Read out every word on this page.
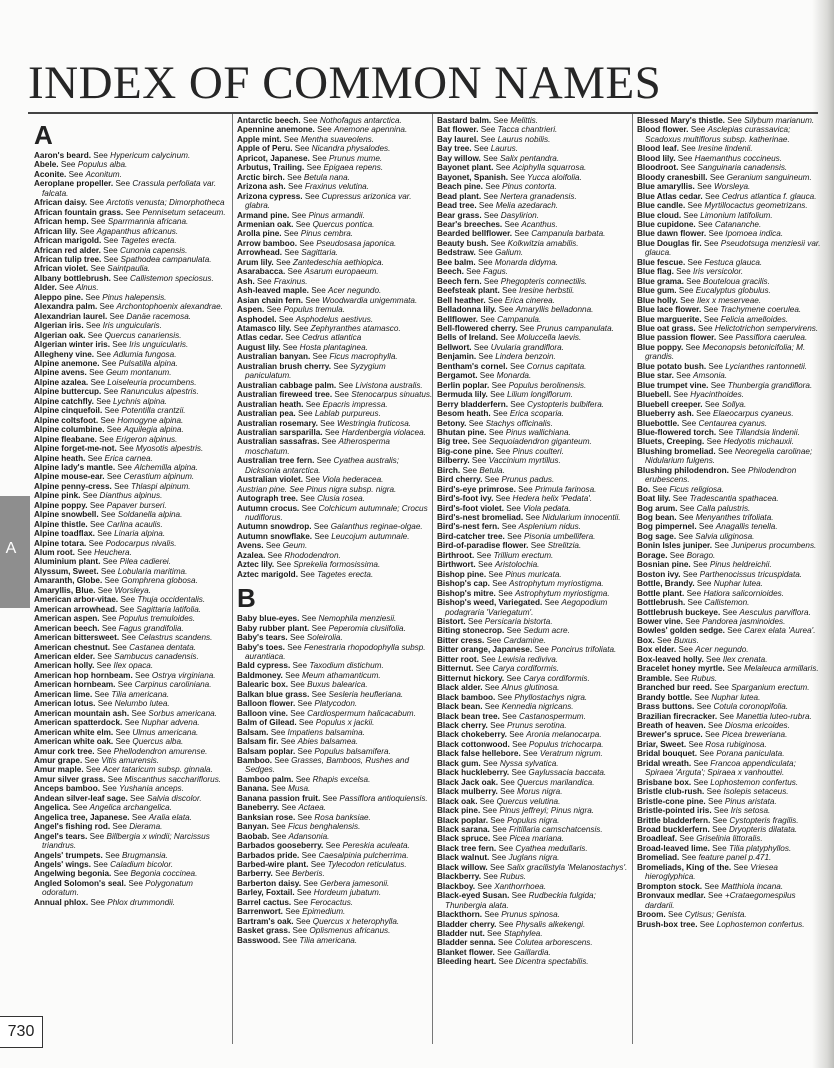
INDEX OF COMMON NAMES
A

Aaron's beard. See Hypericum calycinum.

Abele. See Populus alba.

Aconite. See Aconitum.

Aeroplane propeller. See Crassula perfoliata var. falcata.

African daisy. See Arctotis venusta; Dimorphotheca

African fountain grass. See Pennisetum setaceum.

African hemp. See Sparrmannia africana.

African lily. See Agapanthus africanus.

African marigold. See Tagetes erecta.

African red alder. See Cunonia capensis.

African tulip tree. See Spathodea campanulata.

African violet. See Saintpaulia.

Albany bottlebrush. See Callistemon speciosus.

Alder. See Alnus.

Aleppo pine. See Pinus halepensis.

Alexandra palm. See Archontophoenix alexandrae.

Alexandrian laurel. See Danäe racemosa.

Algerian iris. See Iris unguicularis.

Algerian oak. See Quercus canariensis.

Algerian winter iris. See Iris unguicularis.

Allegheny vine. See Adlumia fungosa.

Alpine anemone. See Pulsatilla alpina.

Alpine avens. See Geum montanum.

Alpine azalea. See Loiseleuria procumbens.

Alpine buttercup. See Ranunculus alpestris.

Alpine catchfly. See Lychnis alpina.

Alpine cinquefoil. See Potentilla crantzii.

Alpine coltsfoot. See Homogyne alpina.

Alpine columbine. See Aquilegia alpina.

Alpine fleabane. See Erigeron alpinus.

Alpine forget-me-not. See Myosotis alpestris.

Alpine heath. See Erica carnea.

Alpine lady's mantle. See Alchemilla alpina.

Alpine mouse-ear. See Cerastium alpinum.

Alpine penny-cress. See Thlaspi alpinum.

Alpine pink. See Dianthus alpinus.

Alpine poppy. See Papaver burseri.

Alpine snowbell. See Soldanella alpina.

Alpine thistle. See Carlina acaulis.

Alpine toadflax. See Linaria alpina.

Alpine totara. See Podocarpus nivalis.

Alum root. See Heuchera.

Aluminium plant. See Pilea cadierei.

Alyssum, Sweet. See Lobularia maritima.

Amaranth, Globe. See Gomphrena globosa.

Amaryllis, Blue. See Worsleya.

American arbor-vitae. See Thuja occidentalis.

American arrowhead. See Sagittaria latifolia.

American aspen. See Populus tremuloides.

American beech. See Fagus grandifolia.

American bittersweet. See Celastrus scandens.

American chestnut. See Castanea dentata.

American elder. See Sambucus canadensis.

American holly. See Ilex opaca.

American hop hornbeam. See Ostrya virginiana.

American hornbeam. See Carpinus caroliniana.

American lime. See Tilia americana.

American lotus. See Nelumbo lutea.

American mountain ash. See Sorbus americana.

American spatterdock. See Nuphar advena.

American white elm. See Ulmus americana.

American white oak. See Quercus alba.

Amur cork tree. See Phellodendron amurense.

Amur grape. See Vitis amurensis.

Amur maple. See Acer tataricum subsp. ginnala.

Amur silver grass. See Miscanthus sacchariflorus.

Anceps bamboo. See Yushania anceps.

Andean silver-leaf sage. See Salvia discolor.

Angelica. See Angelica archangelica.

Angelica tree, Japanese. See Aralia elata.

Angel's fishing rod. See Dierama.

Angel's tears. See Billbergia x windii; Narcissus triandrus.

Angels' trumpets. See Brugmansia.

Angels' wings. See Caladium bicolor.

Angelwing begonia. See Begonia coccinea.

Angled Solomon's seal. See Polygonatum odoratum.

Annual phlox. See Phlox drummondii.

Antarctic beech. See Nothofagus antarctica.

Apennine anemone. See Anemone apennina.

Apple mint. See Mentha suaveolens.

Apple of Peru. See Nicandra physalodes.

Apricot, Japanese. See Prunus mume.

Arbutus, Trailing. See Epigaea repens.

Arctic birch. See Betula nana.

Arizona ash. See Fraxinus velutina.

Arizona cypress. See Cupressus arizonica var. glabra.

Armand pine. See Pinus armandii.

Armenian oak. See Quercus pontica.

Arolla pine. See Pinus cembra.

Arrow bamboo. See Pseudosasa japonica.

Arrowhead. See Sagittaria.

Arum lily. See Zantedeschia aethiopica.

Asarabacca. See Asarum europaeum.

Ash. See Fraxinus.

Ash-leaved maple. See Acer negundo.

Asian chain fern. See Woodwardia unigemmata.

Aspen. See Populus tremula.

Asphodel. See Asphodelus aestivus.

Atamasco lily. See Zephyranthes atamasco.

Atlas cedar. See Cedrus atlantica

August lily. See Hosta plantaginea.

Australian banyan. See Ficus macrophylla.

Australian brush cherry. See Syzygium paniculatum.

Australian cabbage palm. See Livistona australis.

Australian fireweed tree. See Stenocarpus sinuatus.

Australian heath. See Epacris impressa.

Australian pea. See Lablab purpureus.

Australian rosemary. See Westringia fruticosa.

Australian sarsparilla. See Hardenbergia violacea.

Australian sassafras. See Atherosperma moschatum.

Australian tree fern. See Cyathea australis; Dicksonia antarctica.

Australian violet. See Viola hederacea.

Austrian pine. See Pinus nigra subsp. nigra.

Autograph tree. See Clusia rosea.

Autumn crocus. See Colchicum autumnale; Crocus nudiflorus.

Autumn snowdrop. See Galanthus reginae-olgae.

Autumn snowflake. See Leucojum autumnale.

Avens. See Geum.

Azalea. See Rhododendron.

Aztec lily. See Sprekelia formosissima.

Aztec marigold. See Tagetes erecta.

B

Baby blue-eyes. See Nemophila menziesii.

Baby rubber plant. See Peperomia clusiifolia.

Baby's tears. See Soleirolia.

Baby's toes. See Fenestraria rhopodophylla subsp. aurantiaca.

Bald cypress. See Taxodium distichum.

Baldmoney. See Meum athamanticum.

Balearic box. See Buxus balearica.

Balkan blue grass. See Sesleria heufleriana.

Balloon flower. See Platycodon.

Balloon vine. See Cardiospermum halicacabum.

Balm of Gilead. See Populus x jackii.

Balsam. See Impatiens balsamina.

Balsam fir. See Abies balsamea.

Balsam poplar. See Populus balsamifera.

Bamboo. See Grasses, Bamboos, Rushes and Sedges.

Bamboo palm. See Rhapis excelsa.

Banana. See Musa.

Banana passion fruit. See Passiflora antioquiensis.

Baneberry. See Actaea.

Banksian rose. See Rosa banksiae.

Banyan. See Ficus benghalensis.

Baobab. See Adansonia.

Barbados gooseberry. See Pereskia aculeata.

Barbados pride. See Caesalpinia pulcherrima.

Barbed-wire plant. See Tylecodon reticulatus.

Barberry. See Berberis.

Barberton daisy. See Gerbera jamesonii.

Barley, Foxtail. See Hordeum jubatum.

Barrel cactus. See Ferocactus.

Barrenwort. See Epimedium.

Bartram's oak. See Quercus x heterophylla.

Basket grass. See Oplismenus africanus.

Basswood. See Tilia americana.

Bastard balm. See Melittis.

Bat flower. See Tacca chantrieri.

Bay laurel. See Laurus nobilis.

Bay tree. See Laurus.

Bay willow. See Salix pentandra.

Bayonet plant. See Aciphylla squarrosa.

Bayonet, Spanish. See Yucca aloifolia.

Beach pine. See Pinus contorta.

Bead plant. See Nertera granadensis.

Bead tree. See Melia azedarach.

Bear grass. See Dasylirion.

Bear's breeches. See Acanthus.

Bearded bellflower. See Campanula barbata.

Beauty bush. See Kolkwitzia amabilis.

Bedstraw. See Galium.

Bee balm. See Monarda didyma.

Beech. See Fagus.

Beech fern. See Phegopteris connectilis.

Beefsteak plant. See Iresine herbstii.

Bell heather. See Erica cinerea.

Belladonna lily. See Amaryllis belladonna.

Bellflower. See Campanula.

Bell-flowered cherry. See Prunus campanulata.

Bells of Ireland. See Moluccella laevis.

Bellwort. See Uvularia grandiflora.

Benjamin. See Lindera benzoin.

Bentham's cornel. See Cornus capitata.

Bergamot. See Monarda.

Berlin poplar. See Populus berolinensis.

Bermuda lily. See Lilium longiflorum.

Berry bladderfern. See Cystopteris bulbifera.

Besom heath. See Erica scoparia.

Betony. See Stachys officinalis.

Bhutan pine. See Pinus wallichiana.

Big tree. See Sequoiadendron giganteum.

Big-cone pine. See Pinus coulteri.

Bilberry. See Vaccinium myrtillus.

Birch. See Betula.

Bird cherry. See Prunus padus.

Bird's-eye primrose. See Primula farinosa.

Bird's-foot ivy. See Hedera helix 'Pedata'.

Bird's-foot violet. See Viola pedata.

Bird's-nest bromeliad. See Nidularium innocentii.

Bird's-nest fern. See Asplenium nidus.

Bird-catcher tree. See Pisonia umbellifera.

Bird-of-paradise flower. See Strelitzia.

Birthroot. See Trillium erectum.

Birthwort. See Aristolochia.

Bishop pine. See Pinus muricata.

Bishop's cap. See Astrophytum myriostigma.

Bishop's mitre. See Astrophytum myriostigma.

Bishop's weed, Variegated. See Aegopodium podagraria 'Variegatum'.

Bistort. See Persicaria bistorta.

Biting stonecrop. See Sedum acre.

Bitter cress. See Cardamine.

Bitter orange, Japanese. See Poncirus trifoliata.

Bitter root. See Lewisia rediviva.

Bitternut. See Carya cordiformis.

Bitternut hickory. See Carya cordiformis.

Black alder. See Alnus glutinosa.

Black bamboo. See Phyllostachys nigra.

Black bean. See Kennedia nigricans.

Black bean tree. See Castanospermum.

Black cherry. See Prunus serotina.

Black chokeberry. See Aronia melanocarpa.

Black cottonwood. See Populus trichocarpa.

Black false hellebore. See Veratrum nigrum.

Black gum. See Nyssa sylvatica.

Black huckleberry. See Gaylussacia baccata.

Black Jack oak. See Quercus marilandica.

Black mulberry. See Morus nigra.

Black oak. See Quercus velutina.

Black pine. See Pinus jeffreyi; Pinus nigra.

Black poplar. See Populus nigra.

Black sarana. See Fritillaria camschatcensis.

Black spruce. See Picea mariana.

Black tree fern. See Cyathea medullaris.

Black walnut. See Juglans nigra.

Black willow. See Salix gracilistyla 'Melanostachys'.

Blackberry. See Rubus.

Blackboy. See Xanthorrhoea.

Black-eyed Susan. See Rudbeckia fulgida; Thunbergia alata.

Blackthorn. See Prunus spinosa.

Bladder cherry. See Physalis alkekengi.

Bladder nut. See Staphylea.

Bladder senna. See Colutea arborescens.

Blanket flower. See Gaillardia.

Bleeding heart. See Dicentra spectabilis.

Blessed Mary's thistle. See Silybum marianum.

Blood flower. See Asclepias curassavica; Scadoxus multiflorus subsp. katherinae.

Blood leaf. See Iresine lindenii.

Blood lily. See Haemanthus coccineus.

Bloodroot. See Sanguinaria canadensis.

Bloody cranesbill. See Geranium sanguineum.

Blue amaryllis. See Worsleya.

Blue Atlas cedar. See Cedrus atlantica f. glauca.

Blue candle. See Myrtillocactus geometrizans.

Blue cloud. See Limonium latifolium.

Blue cupidone. See Catananche.

Blue dawn flower. See Ipomoea indica.

Blue Douglas fir. See Pseudotsuga menziesii var. glauca.

Blue fescue. See Festuca glauca.

Blue flag. See Iris versicolor.

Blue grama. See Bouteloua gracilis.

Blue gum. See Eucalyptus globulus.

Blue holly. See Ilex x meserveae.

Blue lace flower. See Trachymene coerulea.

Blue marguerite. See Felicia amelloides.

Blue oat grass. See Helictotrichon sempervirens.

Blue passion flower. See Passiflora caerulea.

Blue poppy. See Meconopsis betonicifolia; M. grandis.

Blue potato bush. See Lycianthes rantonnetii.

Blue star. See Amsonia.

Blue trumpet vine. See Thunbergia grandiflora.

Bluebell. See Hyacinthoides.

Bluebell creeper. See Sollya.

Blueberry ash. See Elaeocarpus cyaneus.

Bluebottle. See Centaurea cyanus.

Blue-flowered torch. See Tillandsia lindenii.

Bluets, Creeping. See Hedyotis michauxii.

Blushing bromeliad. See Neoregelia carolinae; Nidularium fulgens.

Blushing philodendron. See Philodendron erubescens.

Bo. See Ficus religiosa.

Boat lily. See Tradescantia spathacea.

Bog arum. See Calla palustris.

Bog bean. See Menyanthes trifoliata.

Bog pimpernel. See Anagallis tenella.

Bog sage. See Salvia uliginosa.

Bonin Isles juniper. See Juniperus procumbens.

Borage. See Borago.

Bosnian pine. See Pinus heldreichii.

Boston ivy. See Parthenocissus tricuspidata.

Bottle, Brandy. See Nuphar lutea.

Bottle plant. See Hatiora salicornioides.

Bottlebrush. See Callistemon.

Bottlebrush buckeye. See Aesculus parviflora.

Bower vine. See Pandorea jasminoides.

Bowles' golden sedge. See Carex elata 'Aurea'.

Box. See Buxus.

Box elder. See Acer negundo.

Box-leaved holly. See Ilex crenata.

Bracelet honey myrtle. See Melaleuca armillaris.

Bramble. See Rubus.

Branched bur reed. See Sparganium erectum.

Brandy bottle. See Nuphar lutea.

Brass buttons. See Cotula coronopifolia.

Brazilian firecracker. See Manettia luteo-rubra.

Breath of heaven. See Diosma ericoides.

Brewer's spruce. See Picea breweriana.

Briar, Sweet. See Rosa rubiginosa.

Bridal bouquet. See Porana paniculata.

Bridal wreath. See Francoa appendiculata; Spiraea 'Arguta'; Spiraea x vanhouttei.

Brisbane box. See Lophostemon confertus.

Bristle club-rush. See Isolepis setaceus.

Bristle-cone pine. See Pinus aristata.

Bristle-pointed iris. See Iris setosa.

Brittle bladderfern. See Cystopteris fragilis.

Broad bucklerfern. See Dryopteris dilatata.

Broadleaf. See Griselinia littoralis.

Broad-leaved lime. See Tilia platyphyllos.

Bromeliad. See feature panel p.471.

Bromeliads, King of the. See Vriesea hieroglyphica.

Brompton stock. See Matthiola incana.

Bronvaux medlar. See +Crataegomespilus dardarii.

Broom. See Cytisus; Genista.

Brush-box tree. See Lophostemon confertus.

A
730
